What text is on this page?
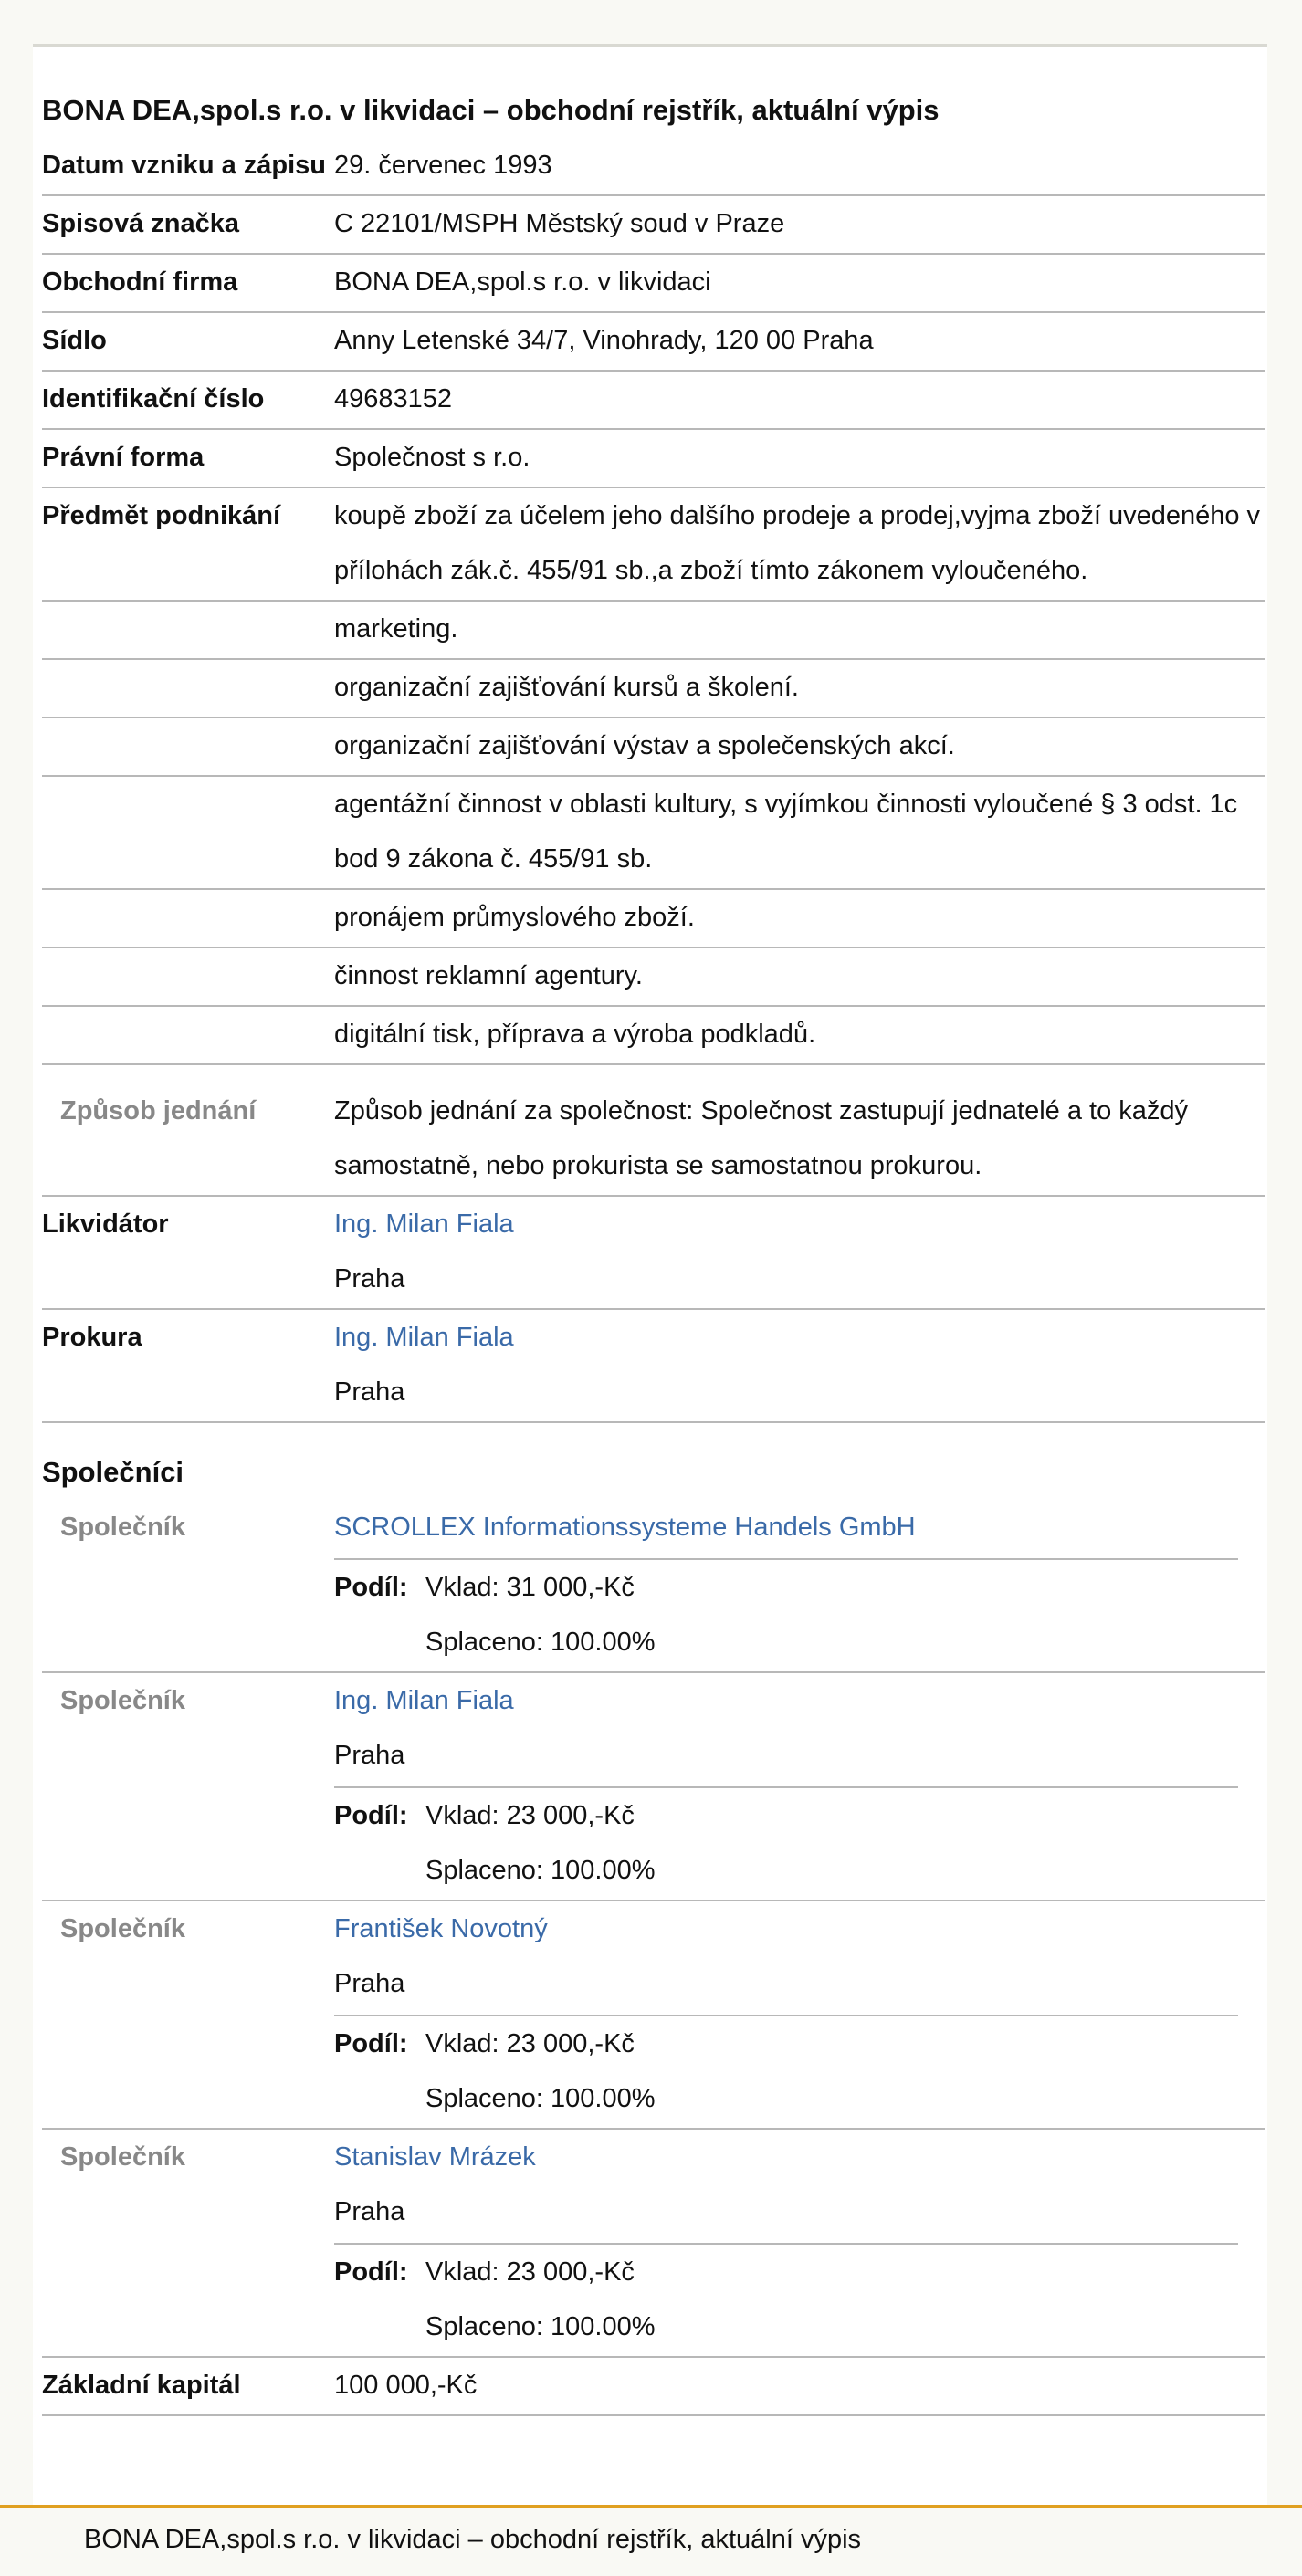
BONA DEA,spol.s r.o. v likvidaci – obchodní rejstřík, aktuální výpis
Datum vzniku a zápisu 29. červenec 1993
Spisová značka	C 22101/MSPH Městský soud v Praze
Obchodní firma	BONA DEA,spol.s r.o. v likvidaci
Sídlo	Anny Letenské 34/7, Vinohrady, 120 00 Praha
Identifikační číslo	49683152
Právní forma	Společnost s r.o.
Předmět podnikání	koupě zboží za účelem jeho dalšího prodeje a prodej,vyjma zboží uvedeného v přílohách zák.č. 455/91 sb.,a zboží tímto zákonem vyloučeného.
marketing.
organizační zajišťování kursů a školení.
organizační zajišťování výstav a společenských akcí.
agentážní činnost v oblasti kultury, s vyjímkou činnosti vyloučené § 3 odst. 1c bod 9 zákona č. 455/91 sb.
pronájem průmyslového zboží.
činnost reklamní agentury.
digitální tisk, příprava a výroba podkladů.
Způsob jednání	Způsob jednání za společnost: Společnost zastupují jednatelé a to každý samostatně, nebo prokurista se samostatnou prokurou.
Likvidátor	Ing. Milan Fiala
Praha
Prokura	Ing. Milan Fiala
Praha
Společníci
Společník	SCROLLEX Informationssysteme Handels GmbH
Podíl: Vklad: 31 000,-Kč
Splaceno: 100.00%
Společník	Ing. Milan Fiala
Praha
Podíl: Vklad: 23 000,-Kč
Splaceno: 100.00%
Společník	František Novotný
Praha
Podíl: Vklad: 23 000,-Kč
Splaceno: 100.00%
Společník	Stanislav Mrázek
Praha
Podíl: Vklad: 23 000,-Kč
Splaceno: 100.00%
Základní kapitál	100 000,-Kč
BONA DEA,spol.s r.o. v likvidaci – obchodní rejstřík, aktuální výpis
